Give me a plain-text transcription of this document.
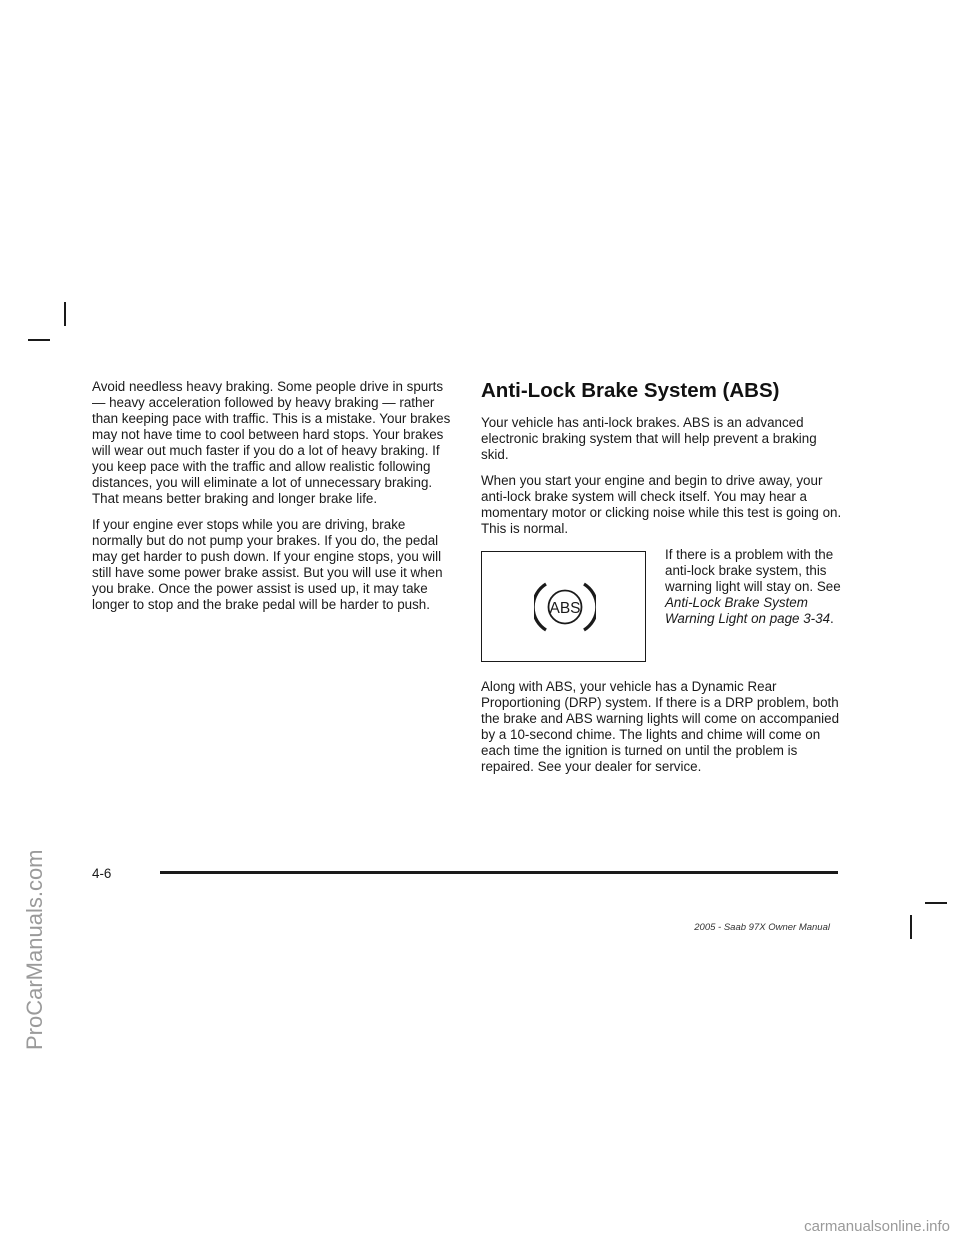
ProCarManuals.com

Avoid needless heavy braking. Some people drive in spurts — heavy acceleration followed by heavy braking — rather than keeping pace with traffic. This is a mistake. Your brakes may not have time to cool between hard stops. Your brakes will wear out much faster if you do a lot of heavy braking. If you keep pace with the traffic and allow realistic following distances, you will eliminate a lot of unnecessary braking. That means better braking and longer brake life.

If your engine ever stops while you are driving, brake normally but do not pump your brakes. If you do, the pedal may get harder to push down. If your engine stops, you will still have some power brake assist. But you will use it when you brake. Once the power assist is used up, it may take longer to stop and the brake pedal will be harder to push.

Anti-Lock Brake System (ABS)

Your vehicle has anti-lock brakes. ABS is an advanced electronic braking system that will help prevent a braking skid.

When you start your engine and begin to drive away, your anti-lock brake system will check itself. You may hear a momentary motor or clicking noise while this test is going on. This is normal.

ABS
If there is a problem with the anti-lock brake system, this warning light will stay on. See Anti-Lock Brake System Warning Light on page 3-34.

Along with ABS, your vehicle has a Dynamic Rear Proportioning (DRP) system. If there is a DRP problem, both the brake and ABS warning lights will come on accompanied by a 10-second chime. The lights and chime will come on each time the ignition is turned on until the problem is repaired. See your dealer for service.

4-6
2005 - Saab 97X Owner Manual
carmanualsonline.info
